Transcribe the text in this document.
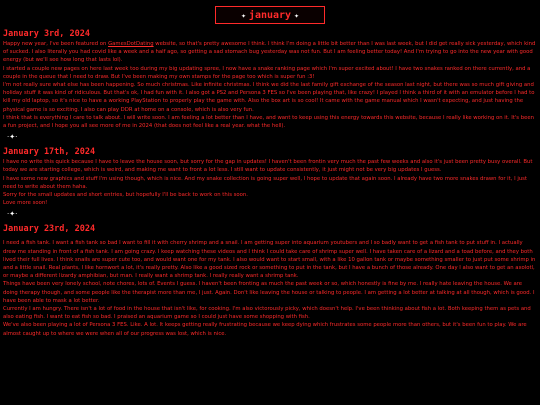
✦ january ✦
January 3rd, 2024

Happy new year, I've been featured on GamesDotDating website, so that's pretty awesome I think. I think I'm doing a little bit better than I was last week, but I did get really sick yesterday, which kind of sucked. I also literally you had covid like a week and a half ago, so getting a sad stomach bug yesterday was not fun. But I am feeling better today! And I'm trying to go into the new year with good energy (but we'll see how long that lasts lol).

I started a couple new pages on here last week too during my big updating spree, I now have a snake ranking page which I'm super excited about! I have two snakes ranked on there currently, and a couple in the queue that I need to draw. But I've been making my own stamps for the page too which is super fun :3!

I'm not really sure what else has been happening. So much christmas. Like infinite christmas. I think we did the last family gift exchange of the season last night, but there was so much gift giving and holiday stuff it was kind of ridiculous. But that's ok, I had fun with it. I also got a PS2 and Persona 3 FES so I've been playing that, like crazy! I played I think a third of it with an emulator before I had to kill my old laptop, so it's nice to have a working PlayStation to properly play the game with. Also the box art is so cool! It came with the game manual which I wasn't expecting, and just having the physical game is so exciting. I also can play DDR at home on a console, which is also very fun.

I think that is everything I care to talk about. I will write soon. I am feeling a lot better than I have, and want to keep using this energy towards this website, because I really like working on it. It's been a fun project, and I hope you all see more of me in 2024 (that does not feel like a real year. what the hell).

·✦·
January 17th, 2024

I have no write this quick because I have to leave the house soon, but sorry for the gap in updates! I haven't been frontin very much the past few weeks and also it's just been pretty busy overall. But today we are starting college, which is weird, and making me want to front a lot less. I still want to update consistently, it just might not be very big updates I guess.

I have some new graphics and stuff I'm using though, which is nice. And my snake collection is going super well, I hope to update that again soon. I already have two more snakes drawn for it, I just need to write about them haha.

Sorry for the small updates and short entries, but hopefully I'll be back to work on this soon.

Love more soon!

·✦·
January 23rd, 2024

I need a fish tank. I want a fish tank so bad I want to fill it with cherry shrimp and a snail. I am getting super into aquarium youtubers and I so badly want to get a fish tank to put stuff in. I actually drew me standing in front of a fish tank. I am going crazy. I keep watching these videos and I think I could take care of shrimp super well. I have taken care of a lizard and a toad before, and they both lived their full lives. I think snails are super cute too, and would want one for my tank. I also would want to start small, with a like 10 gallon tank or maybe something smaller to just put some shrimp in and a little snail. Real plants, I like hornwort a lot, it's really pretty. Also like a good sized rock or something to put in the tank, but I have a bunch of those already. One day I also want to get an axolotl, or maybe a different lizardy amphibian, but man. I really want a shrimp tank. I really really want a shrimp tank.

Things have been very lonely school, note chores, lots of. Events I guess. I haven't been fronting as much the past week or so, which honestly is fine by me. I really hate leaving the house. We are doing therapy though, and some people like the therapist more than me, I just. Again. Don't like leaving the house or talking to people. I am getting a lot better at talking at all though, which is good. I have been able to mask a lot better.

Currently I am hungry. There isn't a lot of food in the house that isn't like, for cooking. I'm also victorously picky, which doesn't help. I've been thinking about fish a lot. Both keeping them as pets and also eating fish. I want to eat fish so bad. I praised an aquarium game so I could just have some shopping with fish.

We've also been playing a lot of Persona 3 FES. Like. A lot. It keeps getting really frustrating because we keep dying which frustrates some people more than others, but it's been fun to play. We are almost caught up to where we were when all of our progress was lost, which is nice.
